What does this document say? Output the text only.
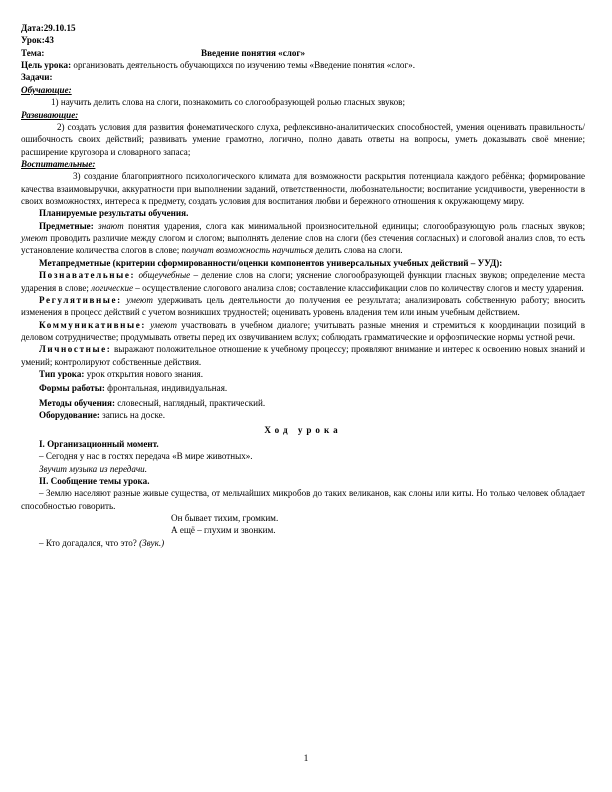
Дата:29.10.15

Урок:43

Тема:	Введение понятия «слог»

Цель урока: организовать деятельность обучающихся по изучению темы «Введение понятия «слог».

Задачи:

Обучающие:

1) научить делить слова на слоги, познакомить со слогообразующей ролью гласных звуков;

Развивающие:

2) создать условия для развития фонематического слуха, рефлексивно-аналитических способностей, умения оценивать правильность/ошибочность своих действий; развивать умение грамотно, логично, полно давать ответы на вопросы, уметь доказывать своё мнение; расширение кругозора и словарного запаса;

Воспитательные:

3) создание благоприятного психологического климата для возможности раскрытия потенциала каждого ребёнка; формирование качества взаимовыручки, аккуратности при выполнении заданий, ответственности, любознательности; воспитание усидчивости, уверенности в своих возможностях, интереса к предмету, создать условия для воспитания любви и бережного отношения к окружающему миру.

Планируемые результаты обучения.

Предметные: знают понятия ударения, слога как минимальной произносительной единицы; слогообразующую роль гласных звуков; умеют проводить различие между слогом и слогом; выполнять деление слов на слоги (без стечения согласных) и слоговой анализ слов, то есть установление количества слогов в слове; получат возможность научиться делить слова на слоги.

Метапредметные (критерии сформированности/оценки компонентов универсальных учебных действий – УУД):

Познавательные: общеучебные – деление слов на слоги; уяснение слогообразующей функции гласных звуков; определение места ударения в слове; логические – осуществление слогового анализа слов; составление классификации слов по количеству слогов и месту ударения.

Регулятивные: умеют удерживать цель деятельности до получения ее результата; анализировать собственную работу; вносить изменения в процесс действий с учетом возникших трудностей; оценивать уровень владения тем или иным учебным действием.

Коммуникативные: умеют участвовать в учебном диалоге; учитывать разные мнения и стремиться к координации позиций в деловом сотрудничестве; продумывать ответы перед их озвучиванием вслух; соблюдать грамматические и орфоэпические нормы устной речи.

Личностные: выражают положительное отношение к учебному процессу; проявляют внимание и интерес к освоению новых знаний и умений; контролируют собственные действия.

Тип урока: урок открытия нового знания.

Формы работы: фронтальная, индивидуальная.

Методы обучения: словесный, наглядный, практический.

Оборудование: запись на доске.

Ход урока

I. Организационный момент.

– Сегодня у нас в гостях передача «В мире животных».

Звучит музыка из передачи.

II. Сообщение темы урока.

– Землю населяют разные живые существа, от мельчайших микробов до таких великанов, как слоны или киты. Но только человек обладает способностью говорить.

Он бывает тихим, громким.

А ещё – глухим и звонким.

– Кто догадался, что это? (Звук.)

1
